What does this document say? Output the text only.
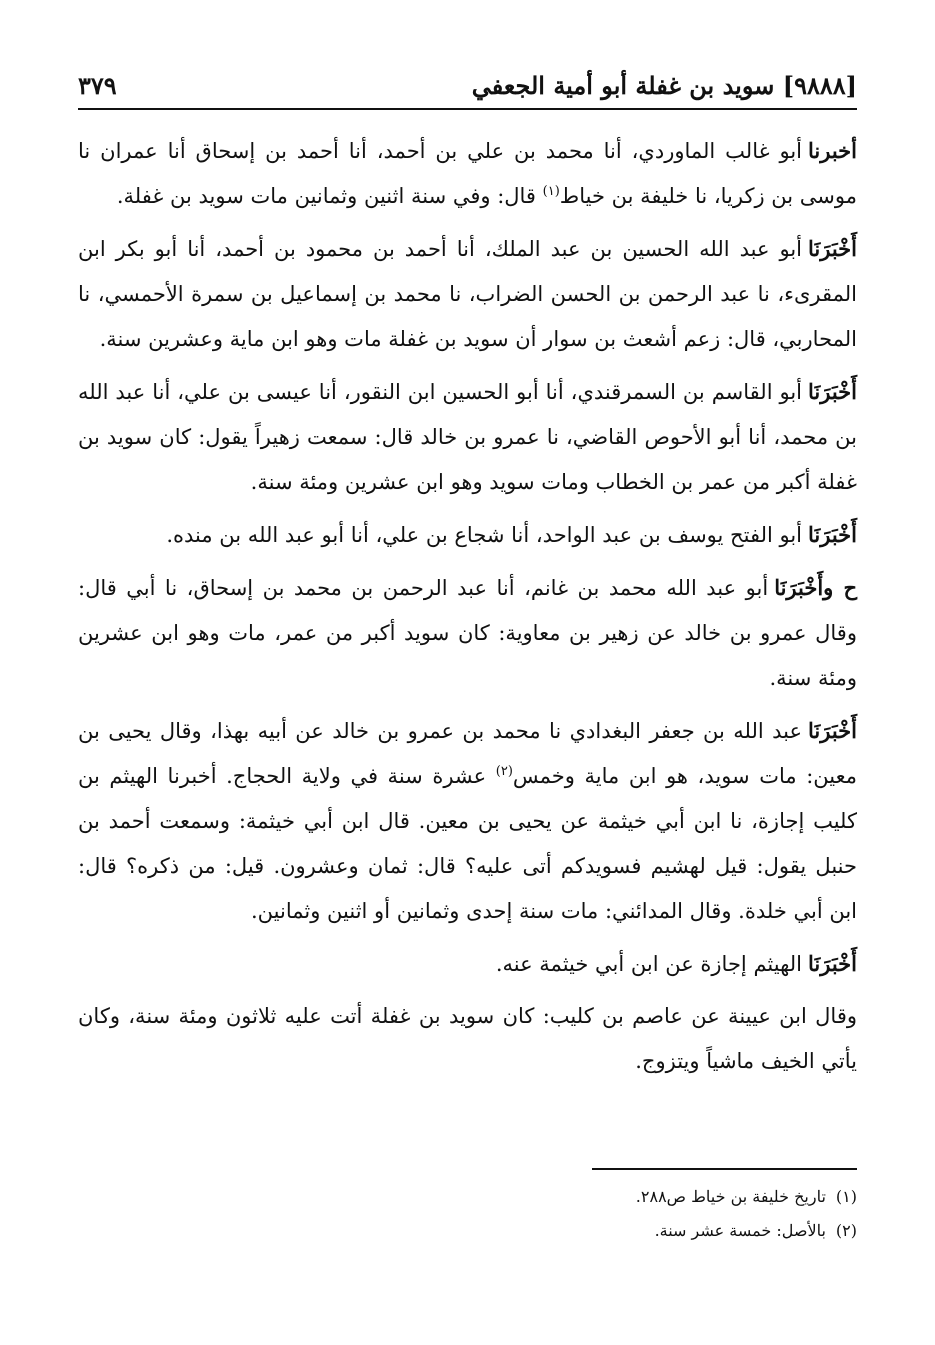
[٩٨٨٨] سويد بن غفلة أبو أمية الجعفي
٣٧٩

أخبرناأبو غالب الماوردي، أنا محمد بن علي بن أحمد، أنا أحمد بن إسحاق أنا عمران نا موسى بن زكريا، نا خليفة بن خياط$^{(١)}$ قال: وفي سنة اثنين وثمانين مات سويد بن غفلة.

أَخْبَرَنَاأبو عبد الله الحسين بن عبد الملك، أنا أحمد بن محمود بن أحمد، أنا أبو بكر ابن المقرىء، نا عبد الرحمن بن الحسن الضراب، نا محمد بن إسماعيل بن سمرة الأحمسي، نا المحاربي، قال: زعم أشعث بن سوار أن سويد بن غفلة مات وهو ابن ماية وعشرين سنة.

أَخْبَرَنَاأبو القاسم بن السمرقندي، أنا أبو الحسين ابن النقور، أنا عيسى بن علي، أنا عبد الله بن محمد، أنا أبو الأحوص القاضي، نا عمرو بن خالد قال: سمعت زهيراً يقول: كان سويد بن غفلة أكبر من عمر بن الخطاب ومات سويد وهو ابن عشرين ومئة سنة.

أَخْبَرَنَاأبو الفتح يوسف بن عبد الواحد، أنا شجاع بن علي، أنا أبو عبد الله بن منده.

ح وأَخْبَرَنَاأبو عبد الله محمد بن غانم، أنا عبد الرحمن بن محمد بن إسحاق، نا أبي قال: وقال عمرو بن خالد عن زهير بن معاوية: كان سويد أكبر من عمر، مات وهو ابن عشرين ومئة سنة.

أَخْبَرَنَاعبد الله بن جعفر البغدادي نا محمد بن عمرو بن خالد عن أبيه بهذا، وقال يحيى بن معين: مات سويد، هو ابن ماية وخمس$^{(٢)}$ عشرة سنة في ولاية الحجاج. أخبرنا الهيثم بن كليب إجازة، نا ابن أبي خيثمة عن يحيى بن معين. قال ابن أبي خيثمة: وسمعت أحمد بن حنبل يقول: قيل لهشيم فسويدكم أتى عليه؟ قال: ثمان وعشرون. قيل: من ذكره؟ قال: ابن أبي خلدة. وقال المدائني: مات سنة إحدى وثمانين أو اثنين وثمانين.

أَخْبَرَنَاالهيثم إجازة عن ابن أبي خيثمة عنه.

وقال ابن عيينة عن عاصم بن كليب: كان سويد بن غفلة أتت عليه ثلاثون ومئة سنة، وكان يأتي الخيف ماشياً ويتزوج.

(١)تاريخ خليفة بن خياط ص٢٨٨.

(٢)بالأصل: خمسة عشر سنة.
